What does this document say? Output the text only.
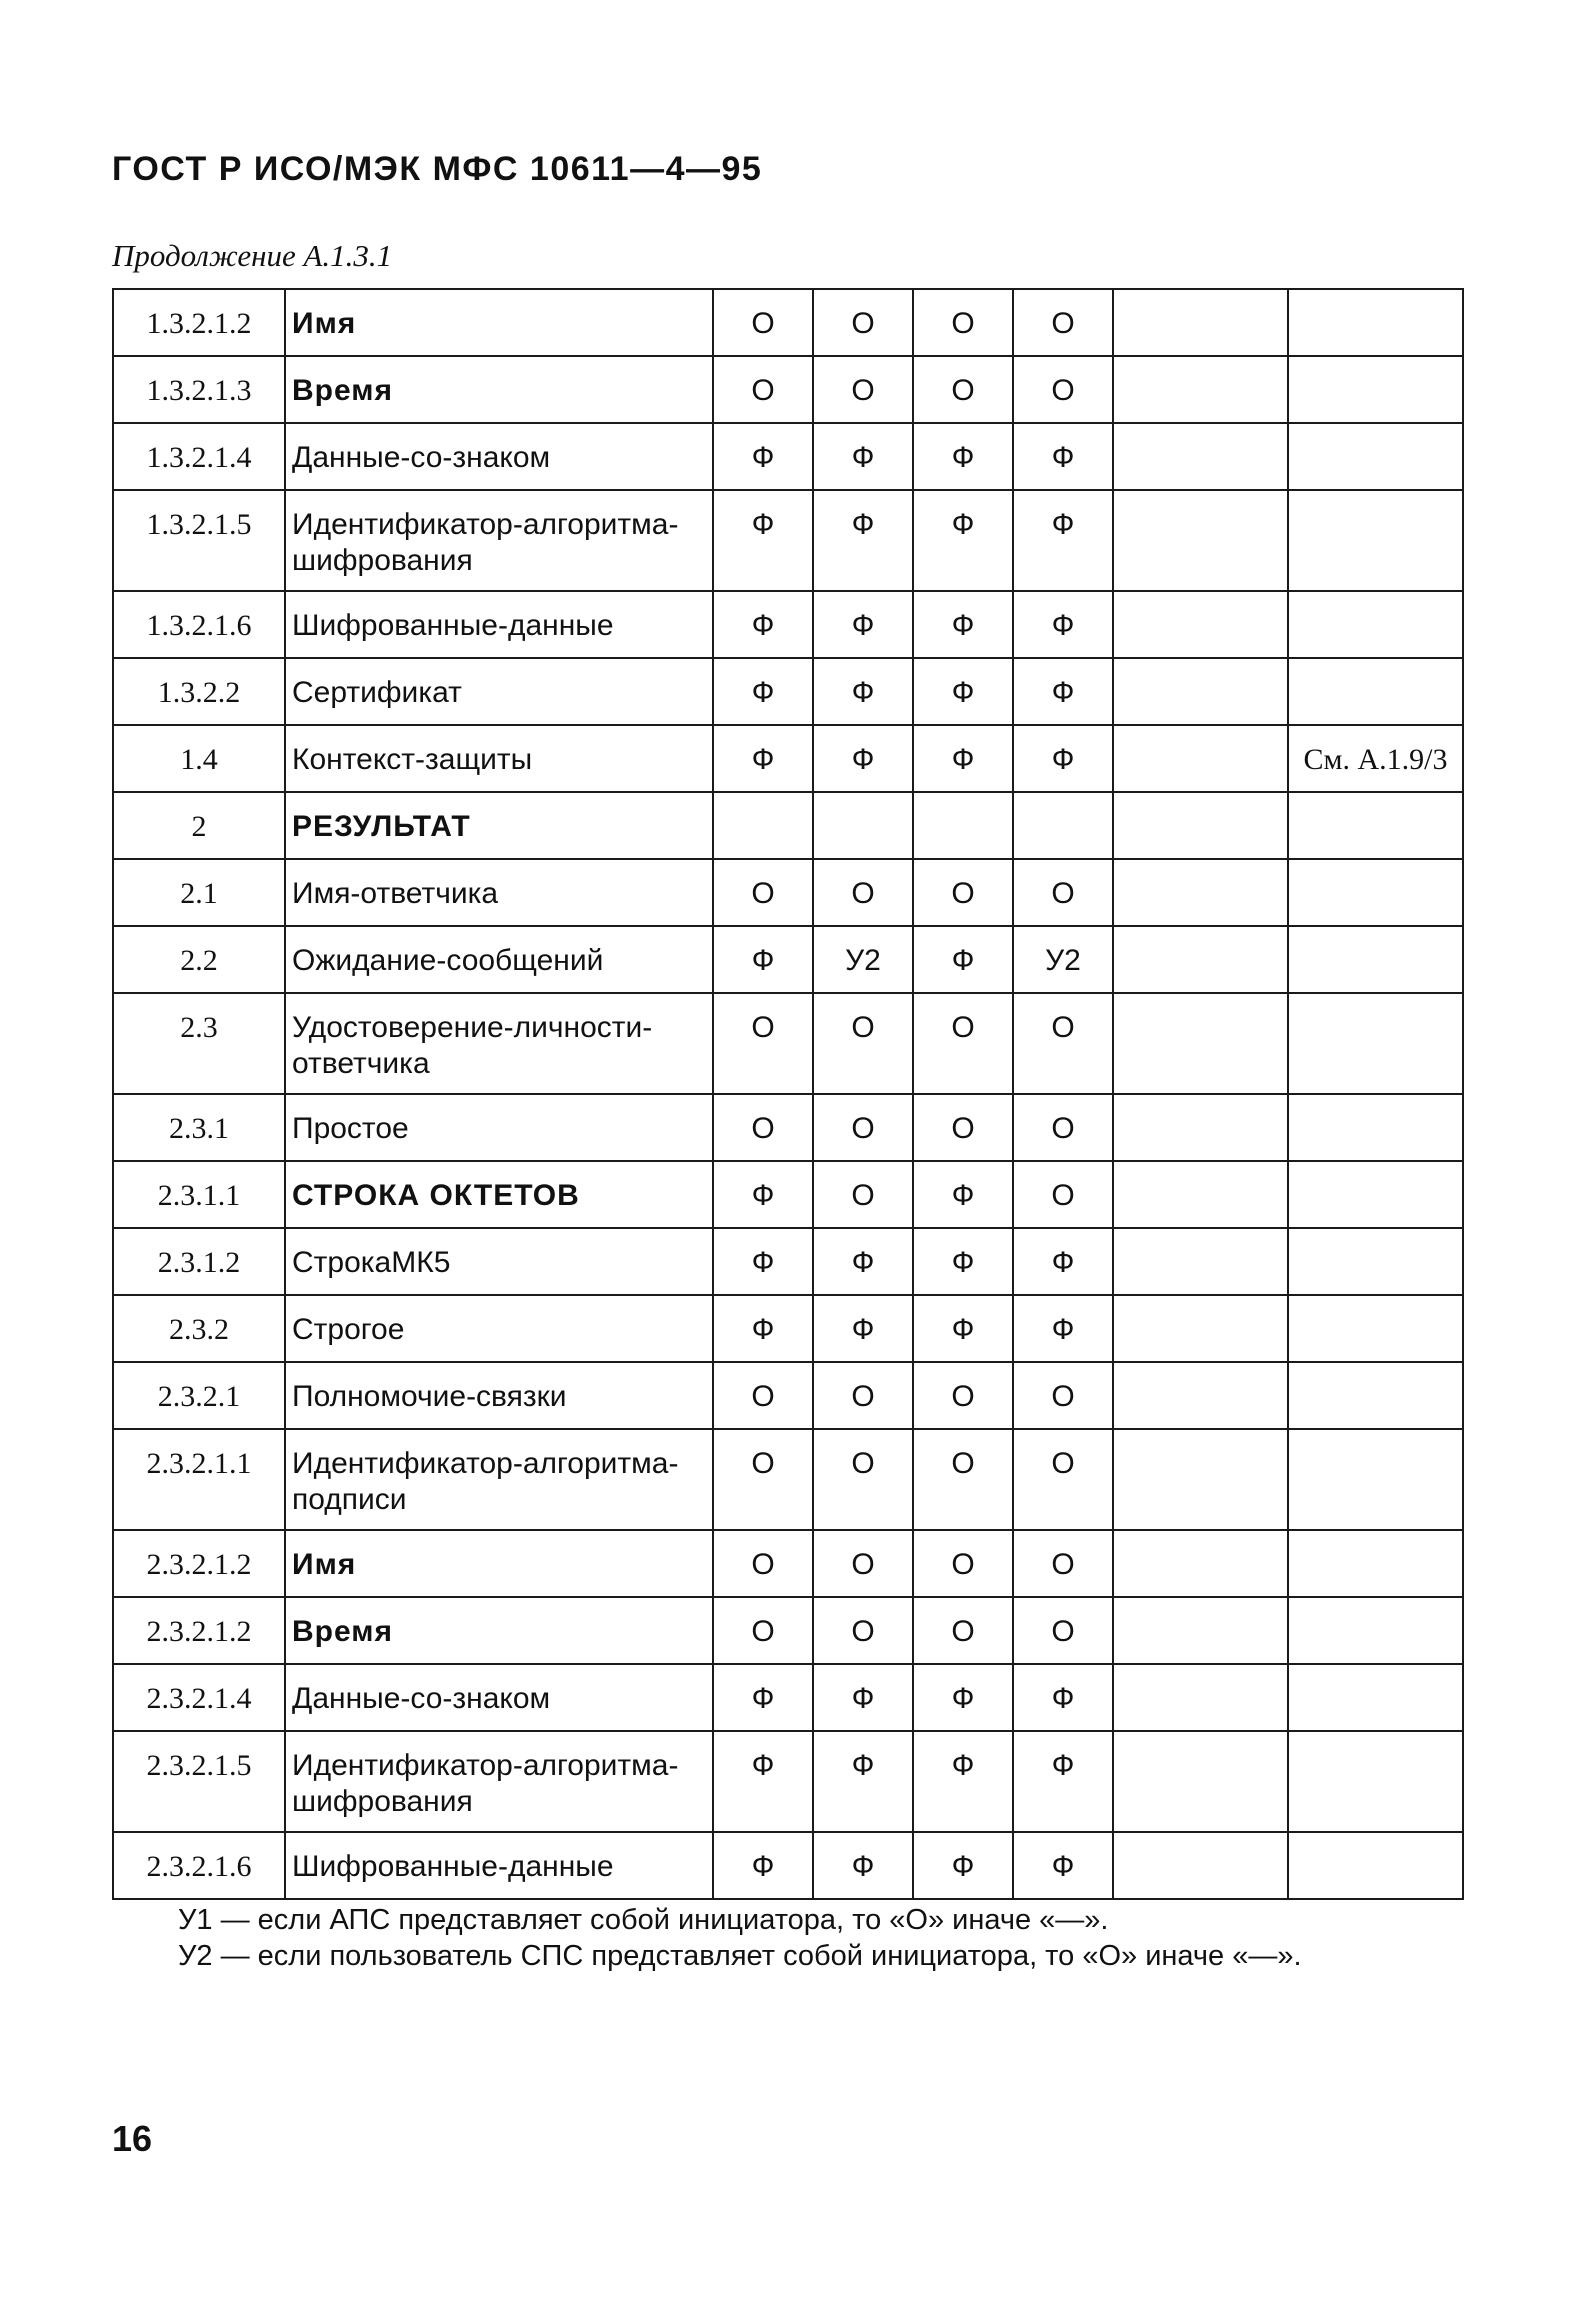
ГОСТ Р ИСО/МЭК МФС 10611—4—95
Продолжение А.1.3.1
1.3.2.1.2	Имя	О	О	О	О		
1.3.2.1.3	Время	О	О	О	О		
1.3.2.1.4	Данные-со-знаком	Ф	Ф	Ф	Ф		
1.3.2.1.5	Идентификатор-алгоритма-шифрования	Ф	Ф	Ф	Ф		
1.3.2.1.6	Шифрованные-данные	Ф	Ф	Ф	Ф		
1.3.2.2	Сертификат	Ф	Ф	Ф	Ф		
1.4	Контекст-защиты	Ф	Ф	Ф	Ф		См. А.1.9/3
2	РЕЗУЛЬТАТ						
2.1	Имя-ответчика	О	О	О	О		
2.2	Ожидание-сообщений	Ф	У2	Ф	У2		
2.3	Удостоверение-личности-ответчика	О	О	О	О		
2.3.1	Простое	О	О	О	О		
2.3.1.1	СТРОКА ОКТЕТОВ	Ф	О	Ф	О		
2.3.1.2	СтрокаМК5	Ф	Ф	Ф	Ф		
2.3.2	Строгое	Ф	Ф	Ф	Ф		
2.3.2.1	Полномочие-связки	О	О	О	О		
2.3.2.1.1	Идентификатор-алгоритма-подписи	О	О	О	О		
2.3.2.1.2	Имя	О	О	О	О		
2.3.2.1.2	Время	О	О	О	О		
2.3.2.1.4	Данные-со-знаком	Ф	Ф	Ф	Ф		
2.3.2.1.5	Идентификатор-алгоритма-шифрования	Ф	Ф	Ф	Ф		
2.3.2.1.6	Шифрованные-данные	Ф	Ф	Ф	Ф		
У1 — если АПС представляет собой инициатора, то «О» иначе «—».
У2 — если пользователь СПС представляет собой инициатора, то «О» иначе «—».
16
